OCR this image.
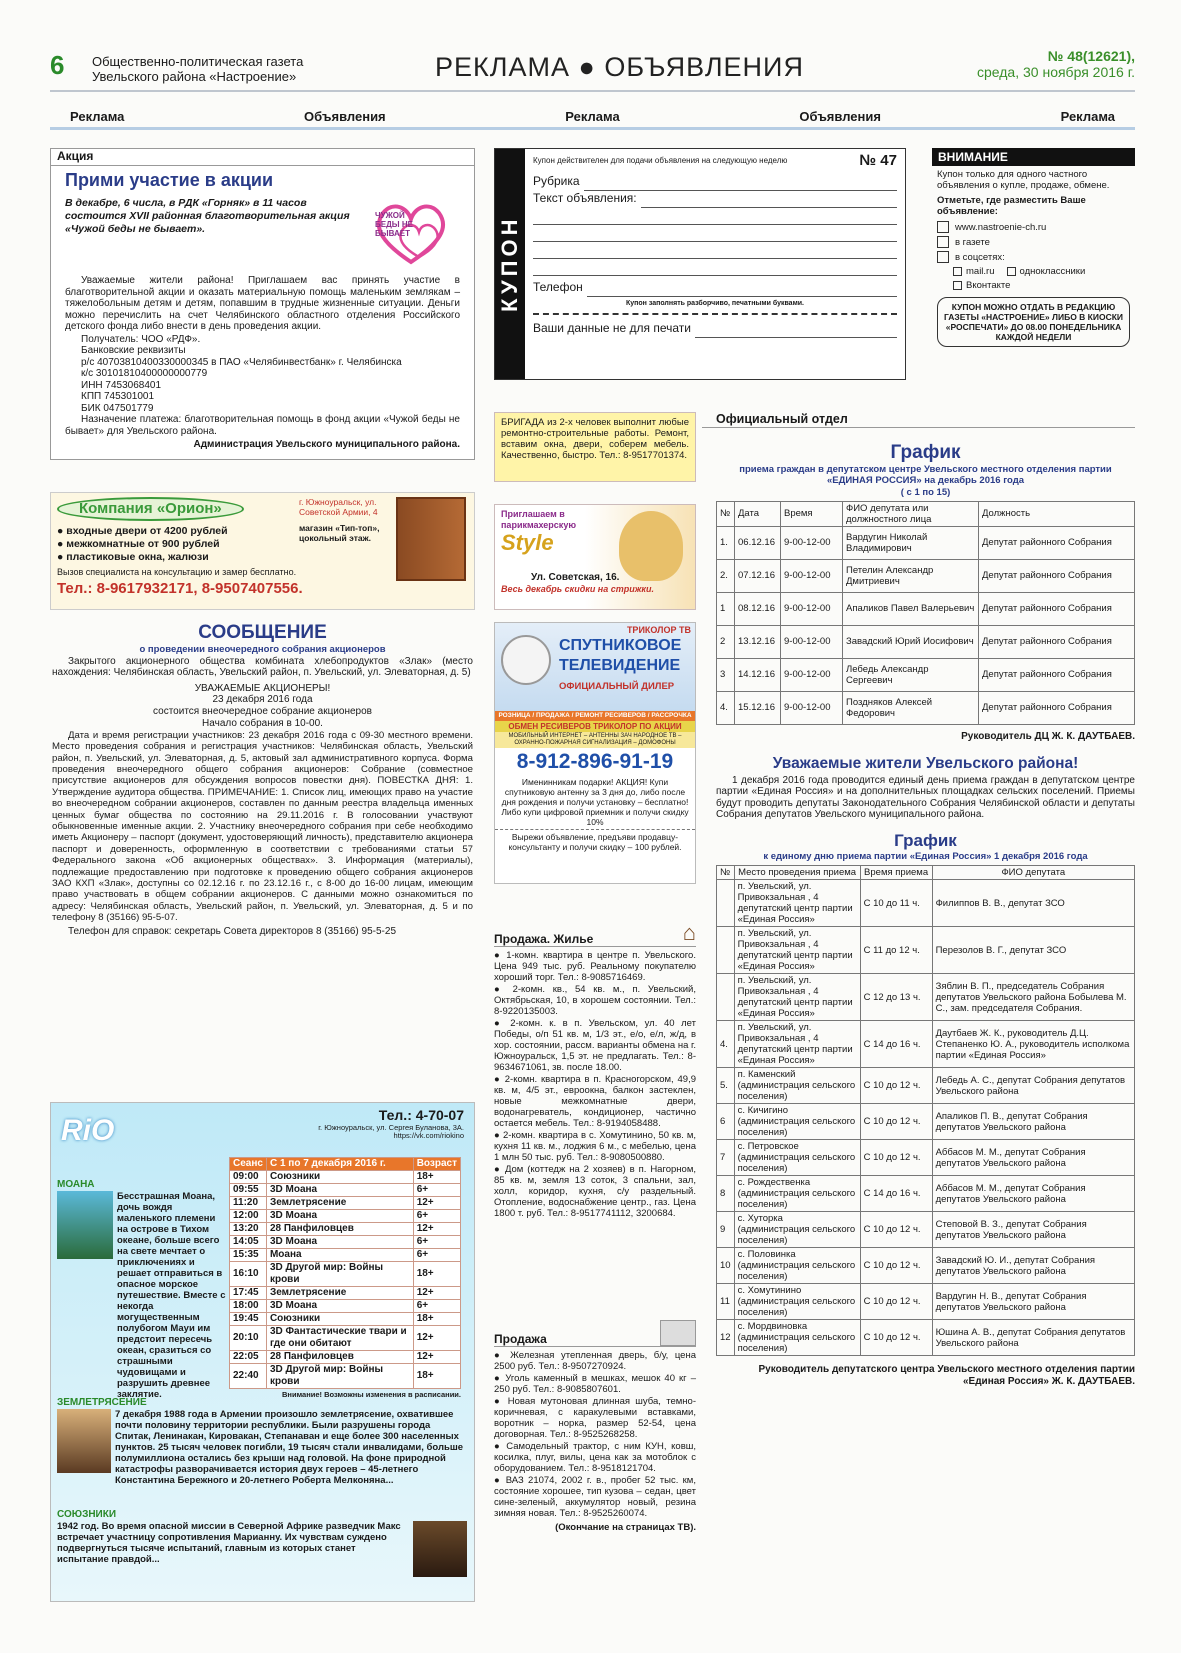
6 Общественно-политическая газета
Увельского района «Настроение»	РЕКЛАМА ● ОБЪЯВЛЕНИЯ	№ 48(12621),
среда, 30 ноября 2016 г.
Реклама	Объявления	Реклама	Объявления	Реклама
Акция
Прими участие в акции
В декабре, 6 числа, в РДК «Горняк» в 11 часов состоится XVII районная благотворительная акция «Чужой беды не бывает».
ЧУЖОЙ БЕДЫ НЕ БЫВАЕТ
Уважаемые жители района! Приглашаем вас принять участие в благотворительной акции и оказать материальную помощь маленьким землякам – тяжелобольным детям и детям, попавшим в трудные жизненные ситуации. Деньги можно перечислить на счет Челябинского областного отделения Российского детского фонда либо внести в день проведения акции.
Получатель: ЧОО «РДФ».
Банковские реквизиты
р/с 40703810400330000345 в ПАО «Челябинвестбанк» г. Челябинска
к/с 30101810400000000779
ИНН 7453068401
КПП 745301001
БИК 047501779
Назначение платежа: благотворительная помощь в фонд акции «Чужой беды не бывает» для Увельского района.
Администрация Увельского муниципального района.
КУПОН
Купон действителен для подачи объявления на следующую неделю	№ 47
Рубрика
Текст объявления:
Телефон
Купон заполнять разборчиво, печатными буквами.
Ваши данные не для печати
ВНИМАНИЕ
Купон только для одного частного объявления о купле, продаже, обмене.
Отметьте, где разместить Ваше объявление:
www.nastroenie-ch.ru
в газете
в соцсетях:
mail.ru	одноклассники
Вконтакте
КУПОН МОЖНО ОТДАТЬ В РЕДАКЦИЮ ГАЗЕТЫ «НАСТРОЕНИЕ» ЛИБО В КИОСКИ «РОСПЕЧАТИ» ДО 08.00 ПОНЕДЕЛЬНИКА КАЖДОЙ НЕДЕЛИ
БРИГАДА из 2-х человек выполнит любые ремонтно-строительные работы. Ремонт, вставим окна, двери, соберем мебель. Качественно, быстро. Тел.: 8-9517701374.
Приглашаем в парикмахерскую
Style
Ул. Советская, 16.
Весь декабрь скидки на стрижки.
Компания «Орион»	г. Южноуральск, ул. Советской Армии, 4
магазин «Тип-топ», цокольный этаж.
● входные двери от 4200 рублей
● межкомнатные от 900 рублей
● пластиковые окна, жалюзи
Вызов специалиста на консультацию и замер бесплатно.
Тел.: 8-9617932171, 8-9507407556.
СООБЩЕНИЕ
о проведении внеочередного собрания акционеров
Закрытого акционерного общества комбината хлебопродуктов «Злак» (место нахождения: Челябинская область, Увельский район, п. Увельский, ул. Элеваторная, д. 5)
УВАЖАЕМЫЕ АКЦИОНЕРЫ!
23 декабря 2016 года
состоится внеочередное собрание акционеров
Начало собрания в 10-00.
Дата и время регистрации участников: 23 декабря 2016 года с 09-30 местного времени. Место проведения собрания и регистрация участников: Челябинская область, Увельский район, п. Увельский, ул. Элеваторная, д. 5, актовый зал административного корпуса. Форма проведения внеочередного общего собрания акционеров: Собрание (совместное присутствие акционеров для обсуждения вопросов повестки дня). ПОВЕСТКА ДНЯ: 1. Утверждение аудитора общества. ПРИМЕЧАНИЕ: 1. Список лиц, имеющих право на участие во внеочередном собрании акционеров, составлен по данным реестра владельца именных ценных бумаг общества по состоянию на 29.11.2016 г. В голосовании участвуют обыкновенные именные акции. 2. Участнику внеочередного собрания при себе необходимо иметь Акционеру – паспорт (документ, удостоверяющий личность), представителю акционера паспорт и доверенность, оформленную в соответствии с требованиями статьи 57 Федерального закона «Об акционерных обществах». 3. Информация (материалы), подлежащие предоставлению при подготовке к проведению общего собрания акционеров ЗАО КХП «Злак», доступны со 02.12.16 г. по 23.12.16 г., с 8-00 до 16-00 лицам, имеющим право участвовать в общем собрании акционеров. С данными можно ознакомиться по адресу: Челябинская область, Увельский район, п. Увельский, ул. Элеваторная, д. 5 и по телефону 8 (35166) 95-5-07.
Телефон для справок: секретарь Совета директоров 8 (35166) 95-5-25
ТРИКОЛОР ТВ
СПУТНИКОВОЕ
ТЕЛЕВИДЕНИЕ
ОФИЦИАЛЬНЫЙ ДИЛЕР
РОЗНИЦА / ПРОДАЖА / РЕМОНТ РЕСИВЕРОВ / РАССРОЧКА
ОБМЕН РЕСИВЕРОВ ТРИКОЛОР ПО АКЦИИ
МОБИЛЬНЫЙ ИНТЕРНЕТ – АНТЕННЫ ЗАЧ НАРОДНОЕ ТВ – ОХРАННО-ПОЖАРНАЯ СИГНАЛИЗАЦИЯ – ДОМОФОНЫ
8-912-896-91-19
Именинникам подарки! АКЦИЯ! Купи спутниковую антенну за 3 дня до, либо после дня рождения и получи установку – бесплатно! Либо купи цифровой приемник и получи скидку 10%
Вырежи объявление, предъяви продавцу-консультанту и получи скидку – 100 рублей.
RiO	Тел.: 4-70-07
г. Южноуральск, ул. Сергея Буланова, 3А.
https://vk.com/riokino
МОАНА
Бесстрашная Моана, дочь вождя маленького племени на острове в Тихом океане, больше всего на свете мечтает о приключениях и решает отправиться в опасное морское путешествие. Вместе с некогда могущественным полубогом Мауи им предстоит пересечь океан, сразиться со страшными чудовищами и разрушить древнее заклятие.
Сеанс	С 1 по 7 декабря 2016 г.	Возраст
09:00	Союзники	18+
09:55	3D Моана	6+
11:20	Землетрясение	12+
12:00	3D Моана	6+
13:20	28 Панфиловцев	12+
14:05	3D Моана	6+
15:35	Моана	6+
16:10	3D Другой мир: Войны крови	18+
17:45	Землетрясение	12+
18:00	3D Моана	6+
19:45	Союзники	18+
20:10	3D Фантастические твари и где они обитают	12+
22:05	28 Панфиловцев	12+
22:40	3D Другой мир: Войны крови	18+
Внимание! Возможны изменения в расписании.
ЗЕМЛЕТРЯСЕНИЕ
7 декабря 1988 года в Армении произошло землетрясение, охватившее почти половину территории республики. Были разрушены города Спитак, Ленинакан, Кировакан, Степанаван и еще более 300 населенных пунктов. 25 тысяч человек погибли, 19 тысяч стали инвалидами, больше полумиллиона остались без крыши над головой. На фоне природной катастрофы разворачивается история двух героев – 45-летнего Константина Бережного и 20-летнего Роберта Мелконяна...
СОЮЗНИКИ
1942 год. Во время опасной миссии в Северной Африке разведчик Макс встречает участницу сопротивления Марианну. Их чувствам суждено подвергнуться тысяче испытаний, главным из которых станет испытание правдой...
Продажа. Жилье	⌂

● 1-комн. квартира в центре п. Увельского. Цена 949 тыс. руб. Реальному покупателю хороший торг. Тел.: 8-9085716469.

● 2-комн. кв., 54 кв. м., п. Увельский, Октябрьская, 10, в хорошем состоянии. Тел.: 8-9220135003.

● 2-комн. к. в п. Увельском, ул. 40 лет Победы, о/п 51 кв. м, 1/3 эт., е/о, е/л, ж/д, в хор. состоянии, рассм. варианты обмена на г. Южноуральск, 1,5 эт. не предлагать. Тел.: 8-9634671061, зв. после 18.00.

● 2-комн. квартира в п. Красногорском, 49,9 кв. м, 4/5 эт., евроокна, балкон застеклен, новые межкомнатные двери, водонагреватель, кондиционер, частично остается мебель. Тел.: 8-9194058488.

● 2-комн. квартира в с. Хомутинино, 50 кв. м, кухня 11 кв. м., лоджия 6 м., с мебелью, цена 1 млн 50 тыс. руб. Тел.: 8-9080500880.

● Дом (коттедж на 2 хозяев) в п. Нагорном, 85 кв. м, земля 13 соток, 3 спальни, зал, холл, коридор, кухня, с/у раздельный. Отопление, водоснабжение центр., газ. Цена 1800 т. руб. Тел.: 8-9517741112, 3200684.

Продажа

● Железная утепленная дверь, б/у, цена 2500 руб. Тел.: 8-9507270924.

● Уголь каменный в мешках, мешок 40 кг – 250 руб. Тел.: 8-9085807601.

● Новая мутоновая длинная шуба, темно-коричневая, с каракулевыми вставками, воротник – норка, размер 52-54, цена договорная. Тел.: 8-9525268258.

● Самодельный трактор, с ним КУН, ковш, косилка, плуг, вилы, цена как за мотоблок с оборудованием. Тел.: 8-9518121704.

● ВАЗ 21074, 2002 г. в., пробег 52 тыс. км, состояние хорошее, тип кузова – седан, цвет сине-зеленый, аккумулятор новый, резина зимняя новая. Тел.: 8-9525260074.

(Окончание на страницах ТВ).
Официальный отдел
График
приема граждан в депутатском центре Увельского местного отделения партии «ЕДИНАЯ РОССИЯ» на декабрь 2016 года
( с 1 по 15)
№	Дата	Время	ФИО депутата или должностного лица	Должность
1.	06.12.16	9-00-12-00	Вардугин Николай Владимирович	Депутат районного Собрания
2.	07.12.16	9-00-12-00	Петелин Александр Дмитриевич	Депутат районного Собрания
1	08.12.16	9-00-12-00	Апаликов Павел Валерьевич	Депутат районного Собрания
2	13.12.16	9-00-12-00	Завадский Юрий Иосифович	Депутат районного Собрания
3	14.12.16	9-00-12-00	Лебедь Александр Сергеевич	Депутат районного Собрания
4.	15.12.16	9-00-12-00	Поздняков Алексей Федорович	Депутат районного Собрания
Руководитель ДЦ Ж. К. ДАУТБАЕВ.
Уважаемые жители Увельского района!
1 декабря 2016 года проводится единый день приема граждан в депутатском центре партии «Единая Россия» и на дополнительных площадках сельских поселений. Приемы будут проводить депутаты Законодательного Собрания Челябинской области и депутаты Собрания депутатов Увельского муниципального района.
График
к единому дню приема партии «Единая Россия» 1 декабря 2016 года
№	Место проведения приема	Время приема	ФИО депутата
	п. Увельский, ул. Привокзальная , 4 депутатский центр партии «Единая Россия»	С 10 до 11 ч.	Филиппов В. В., депутат ЗСО
	п. Увельский, ул. Привокзальная , 4 депутатский центр партии «Единая Россия»	С 11 до 12 ч.	Перезолов В. Г., депутат ЗСО
	п. Увельский, ул. Привокзальная , 4 депутатский центр партии «Единая Россия»	С 12 до 13 ч.	Зяблин В. П., председатель Собрания депутатов Увельского района Бобылева М. С., зам. председателя Собрания.
4.	п. Увельский, ул. Привокзальная , 4 депутатский центр партии «Единая Россия»	С 14 до 16 ч.	Даутбаев Ж. К., руководитель Д.Ц. Степаненко Ю. А., руководитель исполкома партии «Единая Россия»
5.	п. Каменский (администрация сельского поселения)	С 10 до 12 ч.	Лебедь А. С., депутат Собрания депутатов Увельского района
6	с. Кичигино (администрация сельского поселения)	С 10 до 12 ч.	Апаликов П. В., депутат Собрания депутатов Увельского района
7	с. Петровское (администрация сельского поселения)	С 10 до 12 ч.	Аббасов М. М., депутат Собрания депутатов Увельского района
8	с. Рождественка (администрация сельского поселения)	С 14 до 16 ч.	Аббасов М. М., депутат Собрания депутатов Увельского района
9	с. Хуторка (администрация сельского поселения)	С 10 до 12 ч.	Степовой В. З., депутат Собрания депутатов Увельского района
10	с. Половинка (администрация сельского поселения)	С 10 до 12 ч.	Завадский Ю. И., депутат Собрания депутатов Увельского района
11	с. Хомутинино (администрация сельского поселения)	С 10 до 12 ч.	Вардугин Н. В., депутат Собрания депутатов Увельского района
12	с. Мордвиновка (администрация сельского поселения)	С 10 до 12 ч.	Юшина А. В., депутат Собрания депутатов Увельского района
Руководитель депутатского центра Увельского местного отделения партии «Единая Россия» Ж. К. ДАУТБАЕВ.
